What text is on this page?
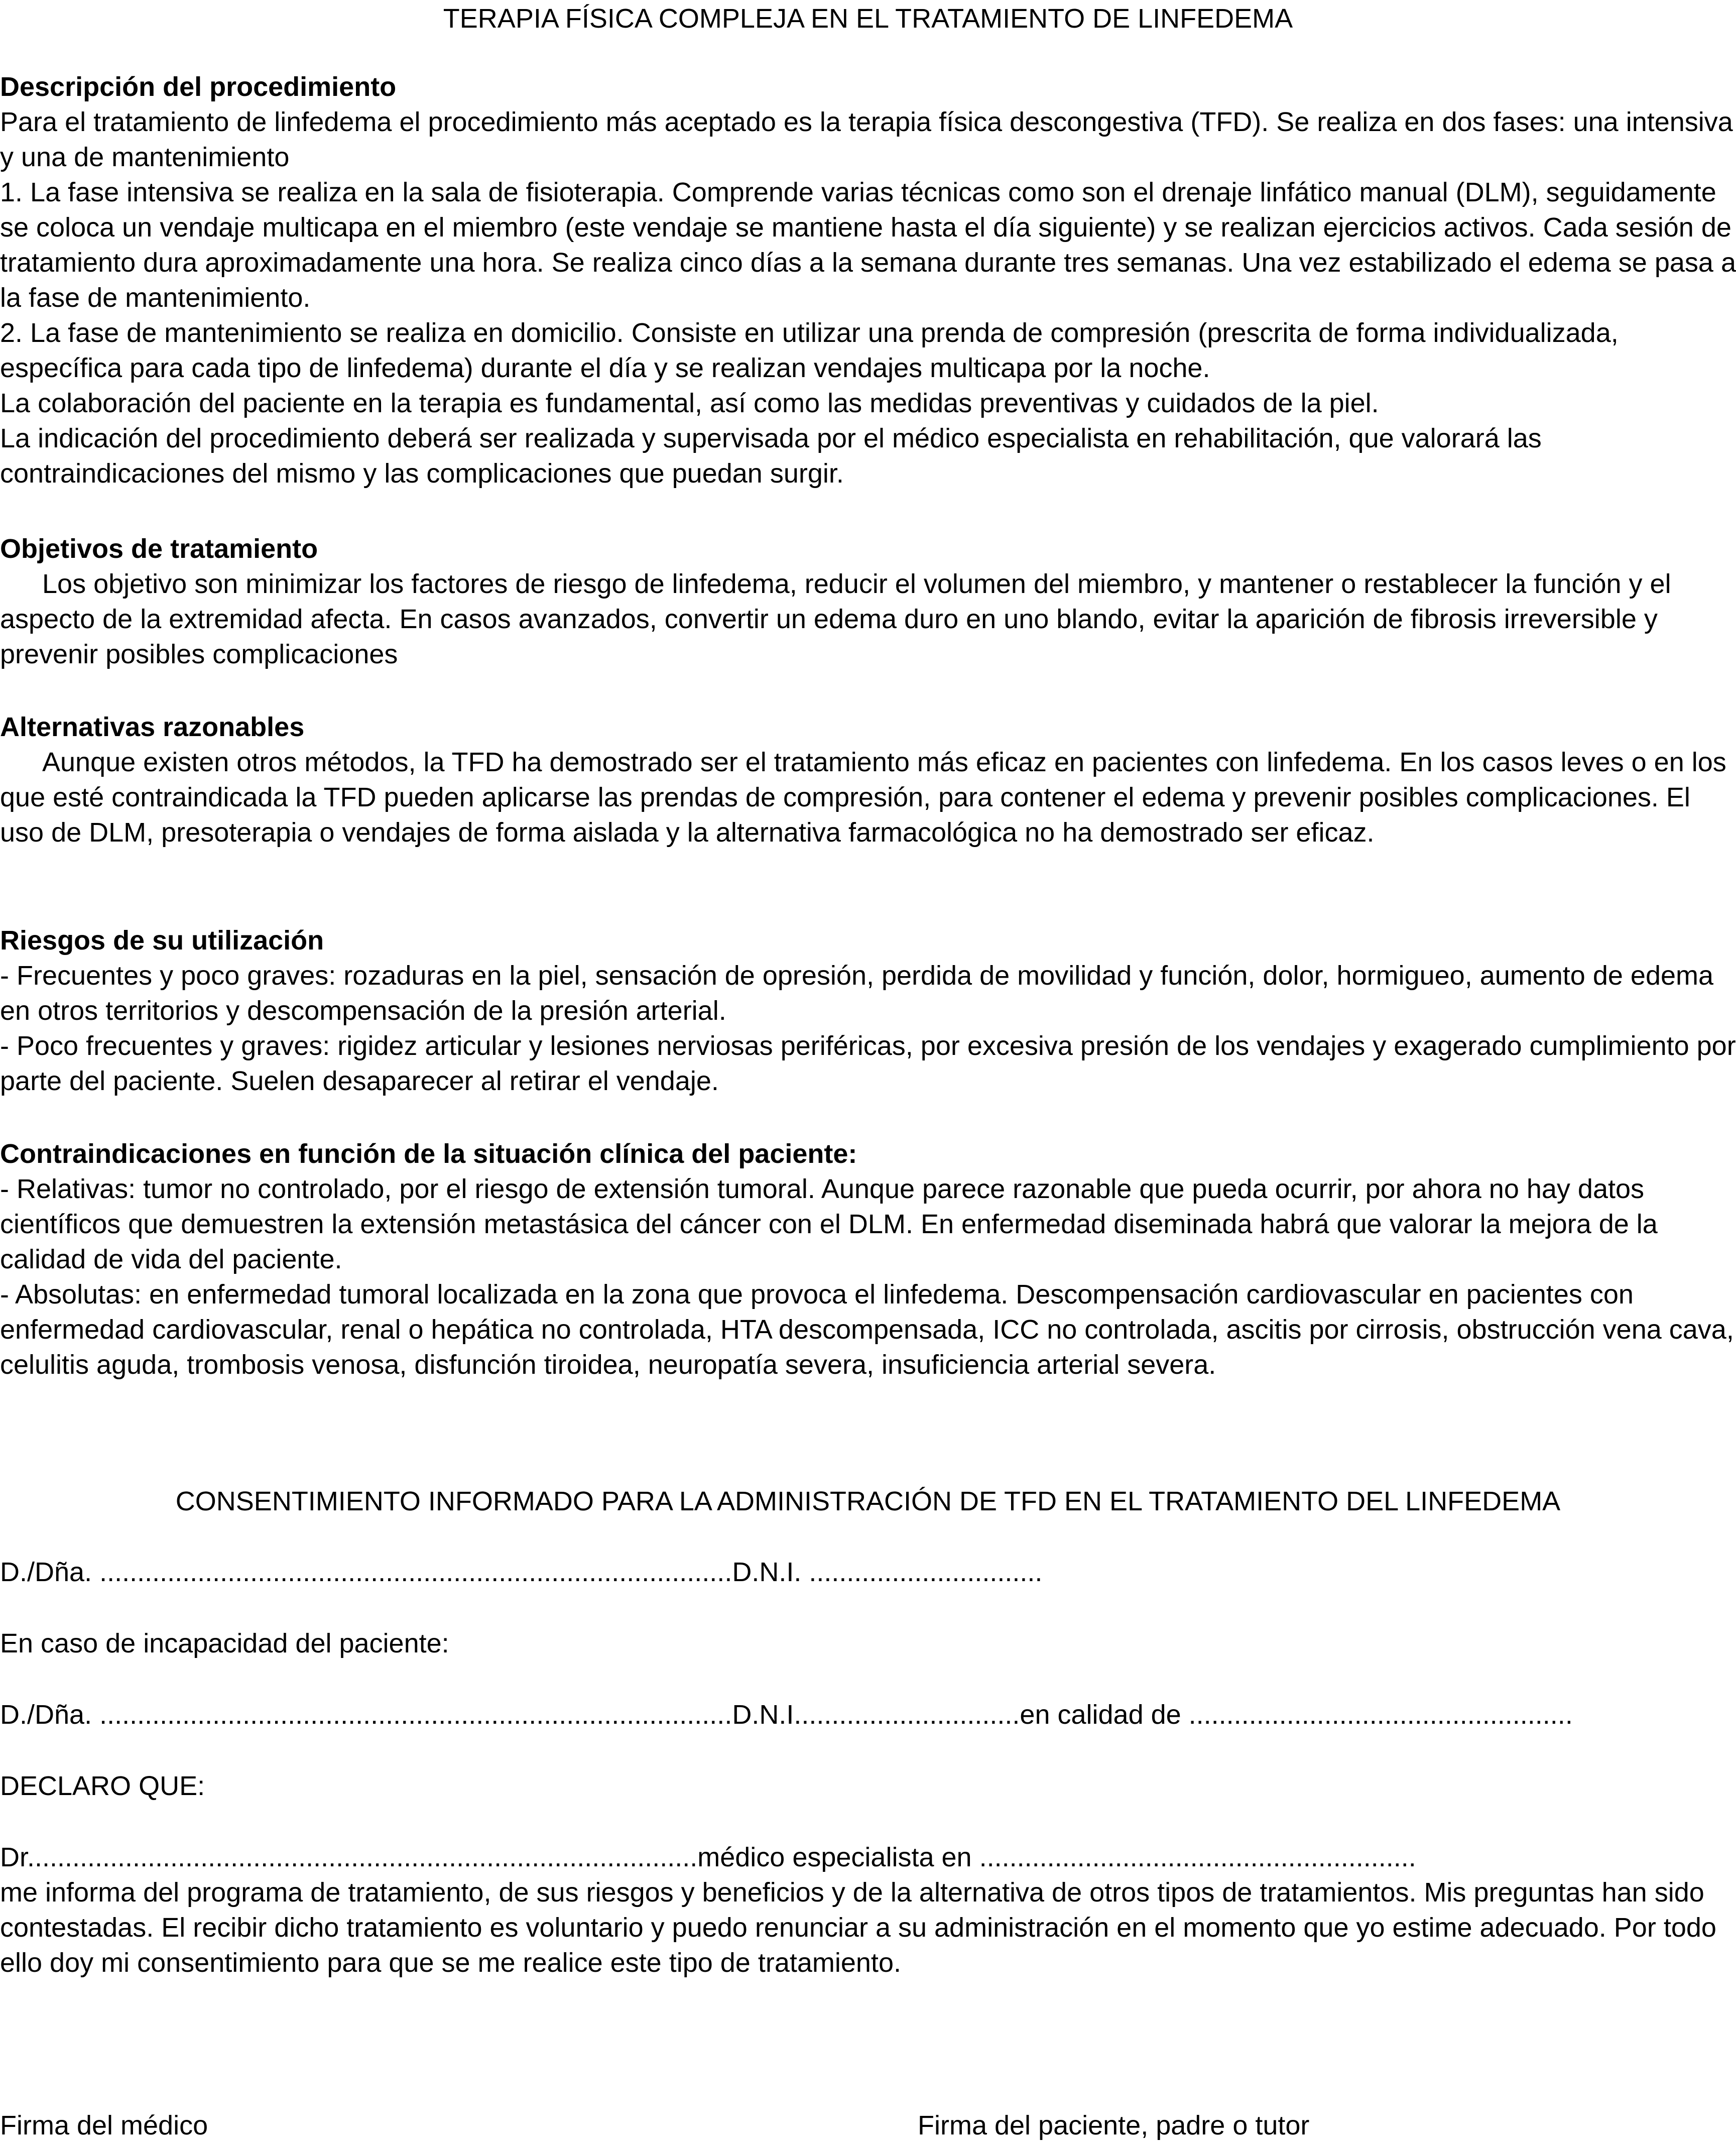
TERAPIA FÍSICA COMPLEJA EN EL TRATAMIENTO DE LINFEDEMA
Descripción del procedimiento

Para el tratamiento de linfedema el procedimiento más aceptado es la terapia física descongestiva (TFD). Se realiza en dos fases: una intensiva y una de mantenimiento

1. La fase intensiva se realiza en la sala de fisioterapia. Comprende varias técnicas como son el drenaje linfático manual (DLM), seguidamente se coloca un vendaje multicapa en el miembro (este vendaje se mantiene hasta el día siguiente) y se realizan ejercicios activos. Cada sesión de tratamiento dura aproximadamente una hora. Se realiza cinco días a la semana durante tres semanas. Una vez estabilizado el edema se pasa a la fase de mantenimiento.

2. La fase de mantenimiento se realiza en domicilio. Consiste en utilizar una prenda de compresión (prescrita de forma individualizada, específica para cada tipo de linfedema) durante el día y se realizan vendajes multicapa por la noche.

La colaboración del paciente en la terapia es fundamental, así como las medidas preventivas y cuidados de la piel.

La indicación del procedimiento deberá ser realizada y supervisada por el médico especialista en rehabilitación, que valorará las contraindicaciones del mismo y las complicaciones que puedan surgir.

Objetivos de tratamiento

Los objetivo son minimizar los factores de riesgo de linfedema, reducir el volumen del miembro, y mantener o restablecer la función y el aspecto de la extremidad afecta. En casos avanzados, convertir un edema duro en uno blando, evitar la aparición de fibrosis irreversible y prevenir posibles complicaciones

Alternativas razonables

Aunque existen otros métodos, la TFD ha demostrado ser el tratamiento más eficaz en pacientes con linfedema. En los casos leves o en los que esté contraindicada la TFD pueden aplicarse las prendas de compresión, para contener el edema y prevenir posibles complicaciones. El uso de DLM, presoterapia o vendajes de forma aislada y la alternativa farmacológica no ha demostrado ser eficaz.

Riesgos de su utilización

- Frecuentes y poco graves: rozaduras en la piel, sensación de opresión, perdida de movilidad y función, dolor, hormigueo, aumento de edema en otros territorios y descompensación de la presión arterial.

- Poco frecuentes y graves: rigidez articular y lesiones nerviosas periféricas, por excesiva presión de los vendajes y exagerado cumplimiento por parte del paciente. Suelen desaparecer al retirar el vendaje.

Contraindicaciones en función de la situación clínica del paciente:

- Relativas: tumor no controlado, por el riesgo de extensión tumoral. Aunque parece razonable que pueda ocurrir, por ahora no hay datos científicos que demuestren la extensión metastásica del cáncer con el DLM. En enfermedad diseminada habrá que valorar la mejora de la calidad de vida del paciente.

- Absolutas: en enfermedad tumoral localizada en la zona que provoca el linfedema. Descompensación cardiovascular en pacientes con enfermedad cardiovascular, renal o hepática no controlada, HTA descompensada, ICC no controlada, ascitis por cirrosis, obstrucción vena cava, celulitis aguda, trombosis venosa, disfunción tiroidea, neuropatía severa, insuficiencia arterial severa.

CONSENTIMIENTO INFORMADO PARA LA ADMINISTRACIÓN DE TFD EN EL TRATAMIENTO DEL LINFEDEMA
D./Dña. ....................................................................................D.N.I. ...............................
En caso de incapacidad del paciente:
D./Dña. ....................................................................................D.N.I..............................en calidad de ...................................................
DECLARO QUE:
Dr.........................................................................................médico especialista en ..........................................................

me informa del programa de tratamiento, de sus riesgos y beneficios y de la alternativa de otros tipos de tratamientos. Mis preguntas han sido contestadas. El recibir dicho tratamiento es voluntario y puedo renunciar a su administración en el momento que yo estime adecuado. Por todo ello doy mi consentimiento para que se me realice este tipo de tratamiento.

Firma del médico	Firma del paciente, padre o tutor
